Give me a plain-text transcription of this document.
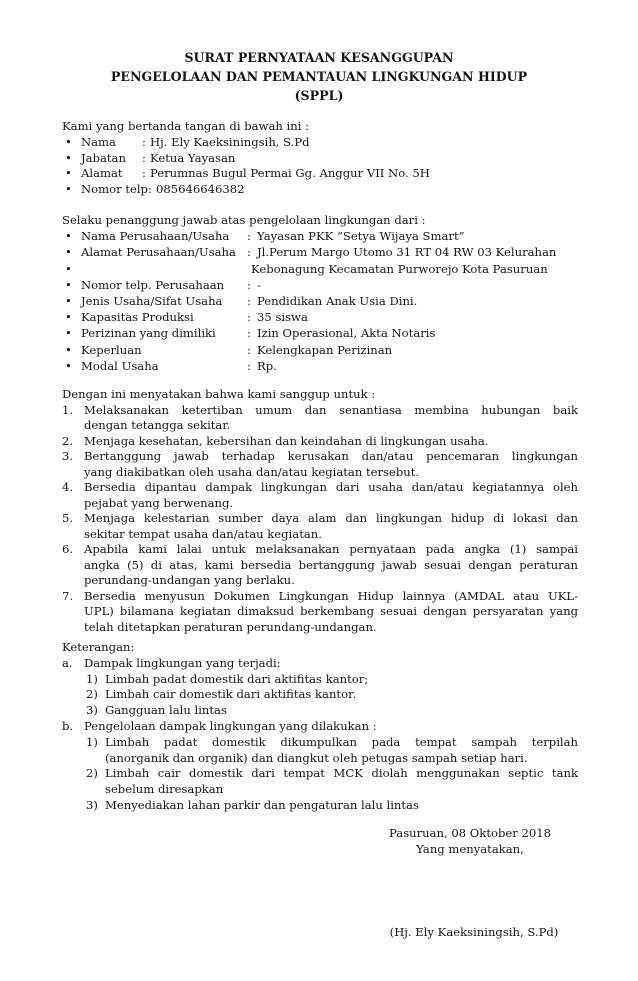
SURAT PERNYATAAN KESANGGUPAN
PENGELOLAAN DAN PEMANTAUAN LINGKUNGAN HIDUP
(SPPL)
Kami yang bertanda tangan di bawah ini :
• Nama : Hj. Ely Kaeksiningsih, S.Pd
• Jabatan : Ketua Yayasan
• Alamat : Perumnas Bugul Permai Gg. Anggur VII No. 5H
• Nomor telp: 085646646382
Selaku penanggung jawab atas pengelolaan lingkungan dari :
• Nama Perusahaan/Usaha : Yayasan PKK “Setya Wijaya Smart”
• Alamat Perusahaan/Usaha : Jl.Perum Margo Utomo 31 RT 04 RW 03 Kelurahan
•	Kebonagung Kecamatan Purworejo Kota Pasuruan
• Nomor telp. Perusahaan : -
• Jenis Usaha/Sifat Usaha : Pendidikan Anak Usia Dini.
• Kapasitas Produksi	: 35 siswa
• Perizinan yang dimiliki	: Izin Operasional, Akta Notaris
• Keperluan	: Kelengkapan Perizinan
• Modal Usaha	: Rp.
Dengan ini menyatakan bahwa kami sanggup untuk :
1. Melaksanakan ketertiban umum dan senantiasa membina hubungan baik
dengan tetangga sekitar.
2. Menjaga kesehatan, kebersihan dan keindahan di lingkungan usaha.
3. Bertanggung jawab terhadap kerusakan dan/atau pencemaran lingkungan
yang diakibatkan oleh usaha dan/atau kegiatan tersebut.
4. Bersedia dipantau dampak lingkungan dari usaha dan/atau kegiatannya oleh
pejabat yang berwenang.
5. Menjaga kelestarian sumber daya alam dan lingkungan hidup di lokasi dan
sekitar tempat usaha dan/atau kegiatan.
6. Apabila kami lalai untuk melaksanakan pernyataan pada angka (1) sampai
angka (5) di atas, kami bersedia bertanggung jawab sesuai dengan peraturan
perundang-undangan yang berlaku.
7. Bersedia menyusun Dokumen Lingkungan Hidup lainnya (AMDAL atau UKL-
UPL) bilamana kegiatan dimaksud berkembang sesuai dengan persyaratan yang
telah ditetapkan peraturan perundang-undangan.
Keterangan:
a. Dampak lingkungan yang terjadi:
1) Limbah padat domestik dari aktifitas kantor;
2) Limbah cair domestik dari aktifitas kantor.
3) Gangguan lalu lintas
b. Pengelolaan dampak lingkungan yang dilakukan :
1) Limbah padat domestik dikumpulkan pada tempat sampah terpilah
(anorganik dan organik) dan diangkut oleh petugas sampah setiap hari.
2) Limbah cair domestik dari tempat MCK diolah menggunakan septic tank
sebelum diresapkan
3) Menyediakan lahan parkir dan pengaturan lalu lintas
Pasuruan, 08 Oktober 2018
Yang menyatakan,
(Hj. Ely Kaeksiningsih, S.Pd)
